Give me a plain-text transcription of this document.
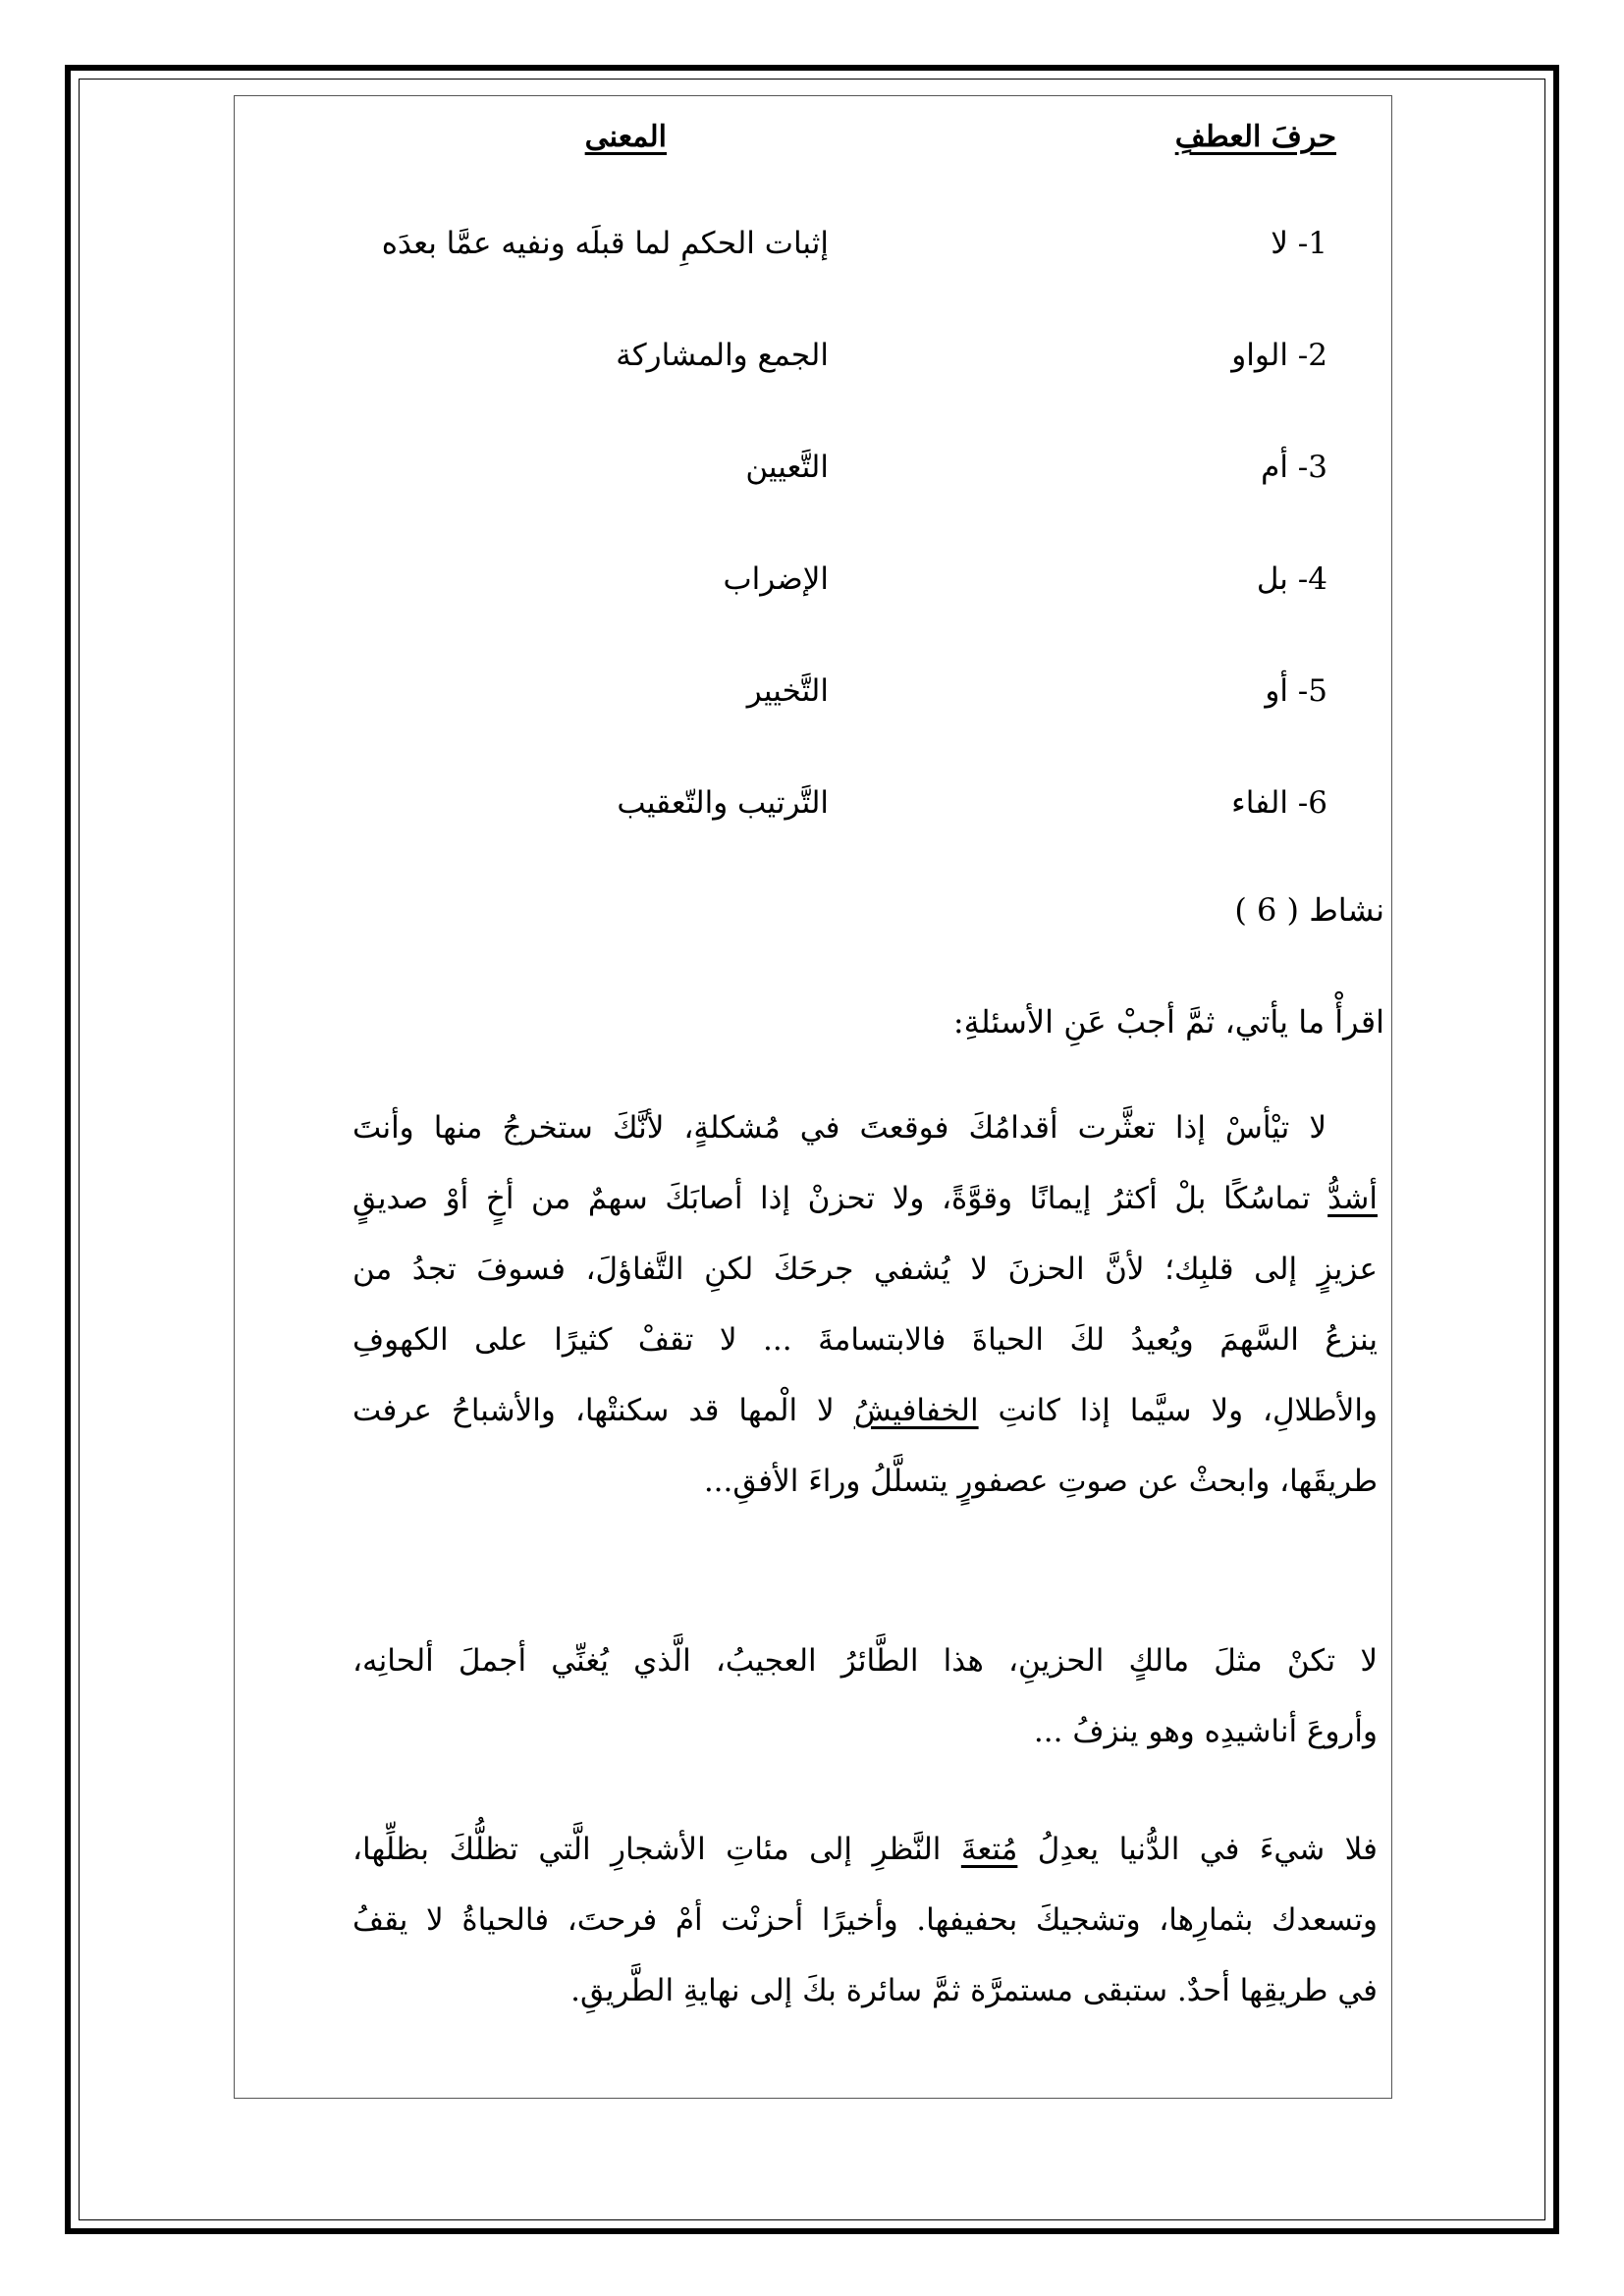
حرفَ العطفِ
المعنى
1- لا
إثبات الحكمِ لما قبلَه ونفيه عمَّا بعدَه
2- الواو
الجمع والمشاركة
3- أم
التَّعيين
4- بل
الإضراب
5- أو
التَّخيير
6- الفاء
التَّرتيب والتّعقيب
نشاط ( 6 )
اقرأْ ما يأتي، ثمَّ أجبْ عَنِ الأسئلةِ:
لا تيْأسْ إذا تعثَّرت أقدامُكَ فوقعتَ في مُشكلةٍ، لأنَّكَ ستخرجُ منها وأنتَ
أشدُّ تماسُكًا بلْ أكثرُ إيمانًا وقوَّةً، ولا تحزنْ إذا أصابَكَ سهمٌ من أخٍ أوْ صديقٍ
عزيزٍ إلى قلبِك؛ لأنَّ الحزنَ لا يُشفي جرحَكَ لكنِ التَّفاؤلَ، فسوفَ تجدُ من
ينزعُ السَّهمَ ويُعيدُ لكَ الحياةَ فالابتسامةَ ... لا تقفْ كثيرًا على الكهوفِ
والأطلالِ، ولا سيَّما إذا كانتِ الخفافيشُ لا الْمها قد سكنتْها، والأشباحُ عرفت
طريقَها، وابحثْ عن صوتِ عصفورٍ يتسلَّلُ وراءَ الأفقِ...
لا تكنْ مثلَ مالكٍ الحزينِ، هذا الطَّائرُ العجيبُ، الَّذي يُغنِّي أجملَ ألحانِه،
وأروعَ أناشيدِه وهو ينزفُ ...
فلا شيءَ في الدُّنيا يعدِلُ مُتعةَ النَّظرِ إلى مئاتِ الأشجارِ الَّتي تظلُّكَ بظلِّها،
وتسعدك بثمارِها، وتشجيكَ بحفيفها. وأخيرًا أحزنْت أمْ فرحتَ، فالحياةُ لا يقفُ
في طريقِها أحدٌ. ستبقى مستمرَّة ثمَّ سائرة بكَ إلى نهايةِ الطَّريقِ.
